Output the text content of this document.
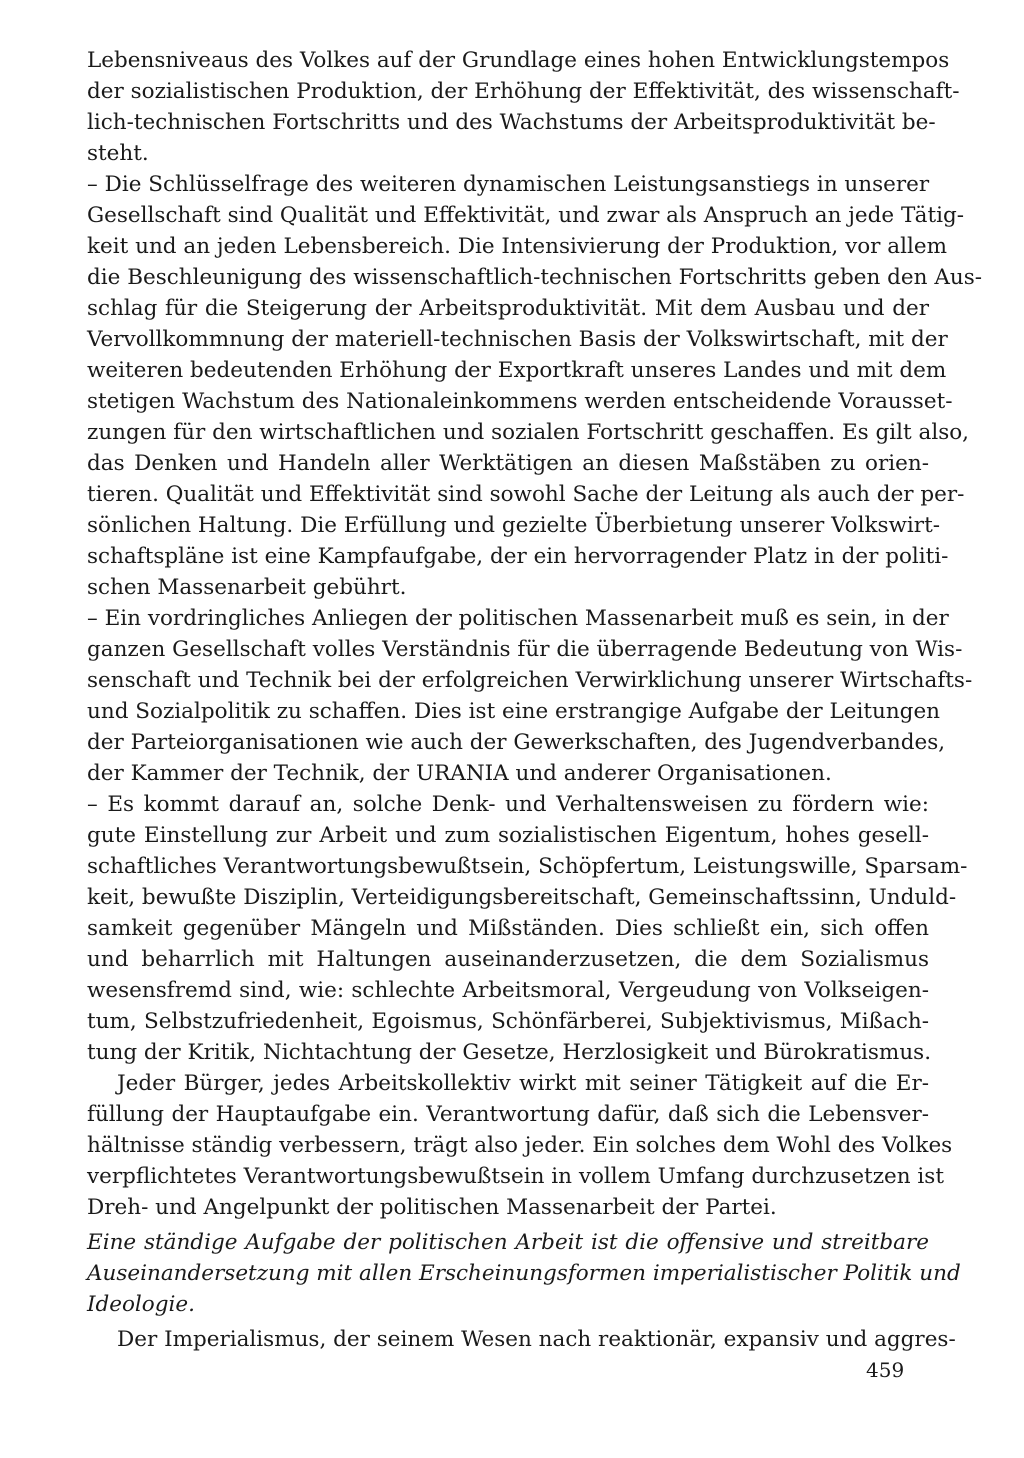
Lebensniveaus des Volkes auf der Grundlage eines hohen Entwicklungstempos
der sozialistischen Produktion, der Erhöhung der Effektivität, des wissenschaft-
lich-technischen Fortschritts und des Wachstums der Arbeitsproduktivität be-
steht.
– Die Schlüsselfrage des weiteren dynamischen Leistungsanstiegs in unserer
Gesellschaft sind Qualität und Effektivität, und zwar als Anspruch an jede Tätig-
keit und an jeden Lebensbereich. Die Intensivierung der Produktion, vor allem
die Beschleunigung des wissenschaftlich-technischen Fortschritts geben den Aus-
schlag für die Steigerung der Arbeitsproduktivität. Mit dem Ausbau und der
Vervollkommnung der materiell-technischen Basis der Volkswirtschaft, mit der
weiteren bedeutenden Erhöhung der Exportkraft unseres Landes und mit dem
stetigen Wachstum des Nationaleinkommens werden entscheidende Vorausset-
zungen für den wirtschaftlichen und sozialen Fortschritt geschaffen. Es gilt also,
das Denken und Handeln aller Werktätigen an diesen Maßstäben zu orien-
tieren. Qualität und Effektivität sind sowohl Sache der Leitung als auch der per-
sönlichen Haltung. Die Erfüllung und gezielte Überbietung unserer Volkswirt-
schaftspläne ist eine Kampfaufgabe, der ein hervorragender Platz in der politi-
schen Massenarbeit gebührt.
– Ein vordringliches Anliegen der politischen Massenarbeit muß es sein, in der
ganzen Gesellschaft volles Verständnis für die überragende Bedeutung von Wis-
senschaft und Technik bei der erfolgreichen Verwirklichung unserer Wirtschafts-
und Sozialpolitik zu schaffen. Dies ist eine erstrangige Aufgabe der Leitungen
der Parteiorganisationen wie auch der Gewerkschaften, des Jugendverbandes,
der Kammer der Technik, der URANIA und anderer Organisationen.
– Es kommt darauf an, solche Denk- und Verhaltensweisen zu fördern wie:
gute Einstellung zur Arbeit und zum sozialistischen Eigentum, hohes gesell-
schaftliches Verantwortungsbewußtsein, Schöpfertum, Leistungswille, Sparsam-
keit, bewußte Disziplin, Verteidigungsbereitschaft, Gemeinschaftssinn, Unduld-
samkeit gegenüber Mängeln und Mißständen. Dies schließt ein, sich offen
und beharrlich mit Haltungen auseinanderzusetzen, die dem Sozialismus
wesensfremd sind, wie: schlechte Arbeitsmoral, Vergeudung von Volkseigen-
tum, Selbstzufriedenheit, Egoismus, Schönfärberei, Subjektivismus, Mißach-
tung der Kritik, Nichtachtung der Gesetze, Herzlosigkeit und Bürokratismus.
Jeder Bürger, jedes Arbeitskollektiv wirkt mit seiner Tätigkeit auf die Er-
füllung der Hauptaufgabe ein. Verantwortung dafür, daß sich die Lebensver-
hältnisse ständig verbessern, trägt also jeder. Ein solches dem Wohl des Volkes
verpflichtetes Verantwortungsbewußtsein in vollem Umfang durchzusetzen ist
Dreh- und Angelpunkt der politischen Massenarbeit der Partei.
Eine ständige Aufgabe der politischen Arbeit ist die offensive und streitbare
Auseinandersetzung mit allen Erscheinungsformen imperialistischer Politik und
Ideologie.
Der Imperialismus, der seinem Wesen nach reaktionär, expansiv und aggres-
459
